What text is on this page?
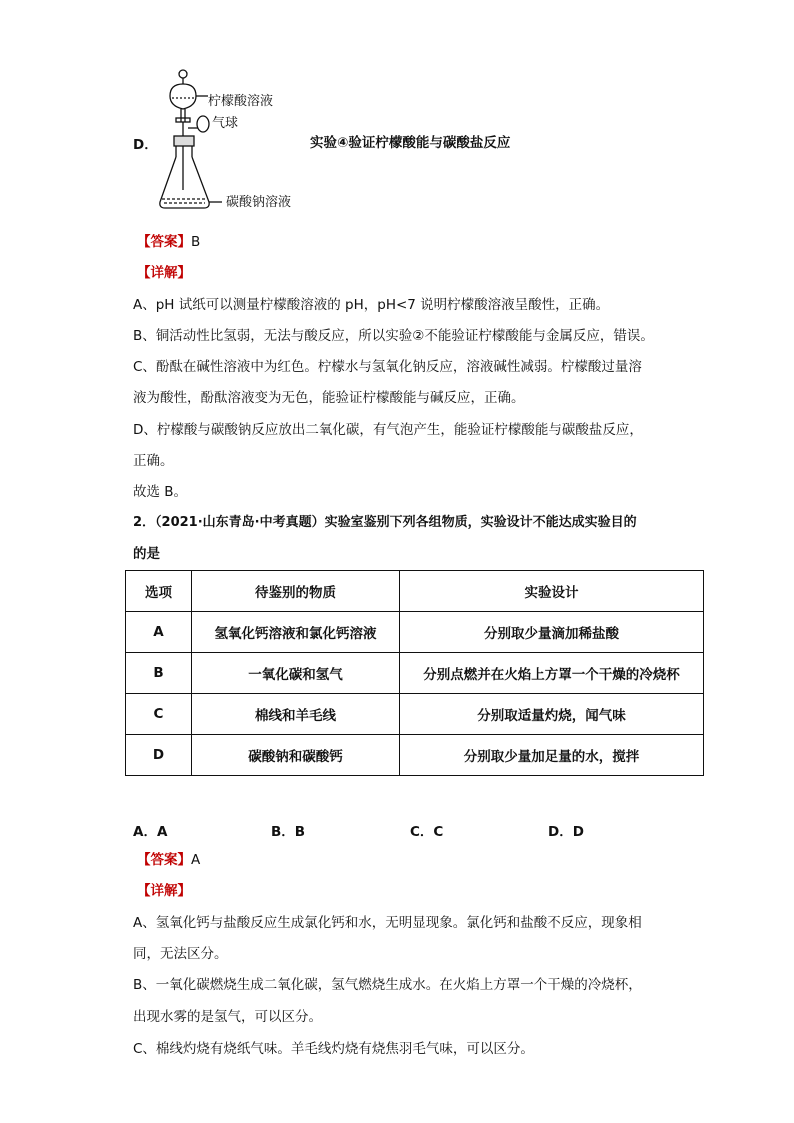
D．
柠檬酸溶液
气球
碳酸钠溶液
实验④验证柠檬酸能与碳酸盐反应
【答案】B
【详解】
A、pH 试纸可以测量柠檬酸溶液的 pH，pH<7 说明柠檬酸溶液呈酸性，正确。
B、铜活动性比氢弱，无法与酸反应，所以实验②不能验证柠檬酸能与金属反应，错误。
C、酚酞在碱性溶液中为红色。柠檬水与氢氧化钠反应，溶液碱性减弱。柠檬酸过量溶
液为酸性，酚酞溶液变为无色，能验证柠檬酸能与碱反应，正确。
D、柠檬酸与碳酸钠反应放出二氧化碳，有气泡产生，能验证柠檬酸能与碳酸盐反应，
正确。
故选 B。
2．（2021·山东青岛·中考真题）实验室鉴别下列各组物质，实验设计不能达成实验目的
的是
选项	待鉴别的物质	实验设计
A	氢氧化钙溶液和氯化钙溶液	分别取少量滴加稀盐酸
B	一氧化碳和氢气	分别点燃并在火焰上方罩一个干燥的冷烧杯
C	棉线和羊毛线	分别取适量灼烧，闻气味
D	碳酸钠和碳酸钙	分别取少量加足量的水，搅拌
A．A	B．B	C．C	D．D
【答案】A
【详解】
A、氢氧化钙与盐酸反应生成氯化钙和水，无明显现象。氯化钙和盐酸不反应，现象相
同，无法区分。
B、一氧化碳燃烧生成二氧化碳，氢气燃烧生成水。在火焰上方罩一个干燥的冷烧杯，
出现水雾的是氢气，可以区分。
C、棉线灼烧有烧纸气味。羊毛线灼烧有烧焦羽毛气味，可以区分。
